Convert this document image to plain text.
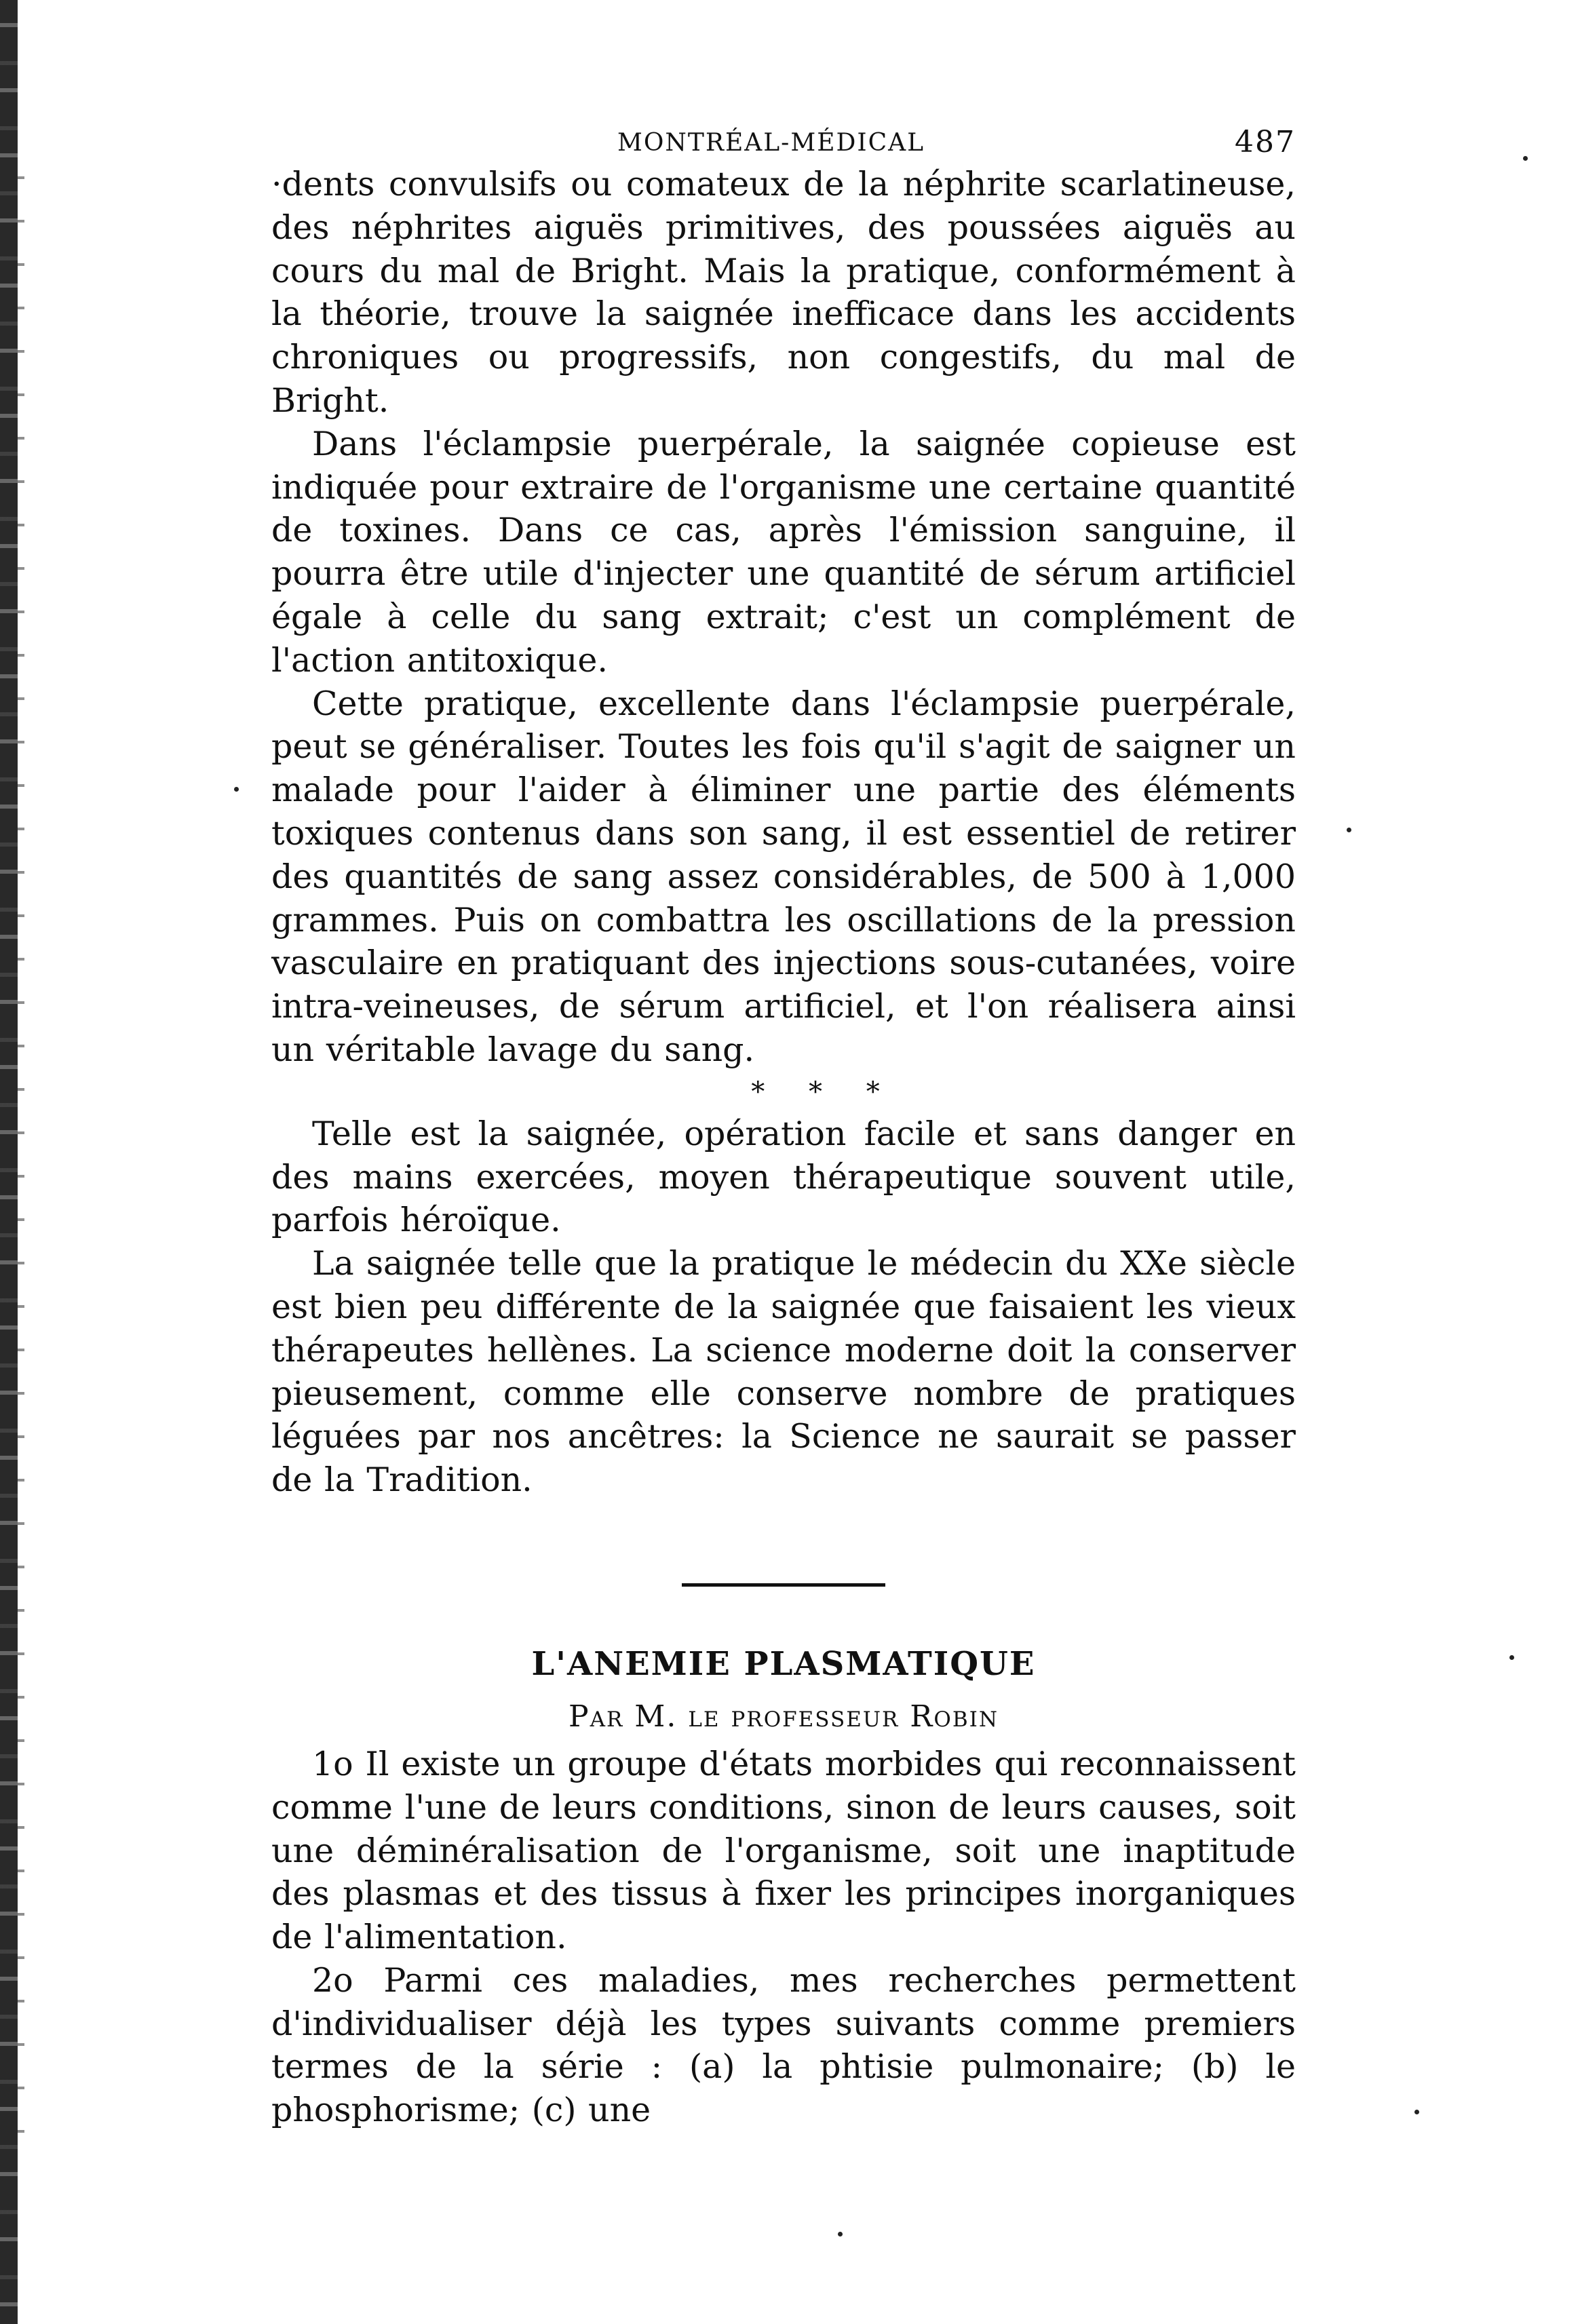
MONTRÉAL-MÉDICAL	487

·dents convulsifs ou comateux de la néphrite scarlatineuse, des néphrites aiguës primitives, des poussées aiguës au cours du mal de Bright. Mais la pratique, conformément à la théorie, trouve la saignée inefficace dans les accidents chroniques ou progressifs, non congestifs, du mal de Bright.

Dans l'éclampsie puerpérale, la saignée copieuse est indiquée pour extraire de l'organisme une certaine quantité de toxines. Dans ce cas, après l'émission sanguine, il pourra être utile d'injecter une quantité de sérum artificiel égale à celle du sang extrait; c'est un complément de l'action antitoxique.

Cette pratique, excellente dans l'éclampsie puerpérale, peut se généraliser. Toutes les fois qu'il s'agit de saigner un malade pour l'aider à éliminer une partie des éléments toxiques contenus dans son sang, il est essentiel de retirer des quantités de sang assez considérables, de 500 à 1,000 grammes. Puis on combattra les oscillations de la pression vasculaire en pratiquant des injections sous-cutanées, voire intra-veineuses, de sérum artificiel, et l'on réalisera ainsi un véritable lavage du sang.

* * *

Telle est la saignée, opération facile et sans danger en des mains exercées, moyen thérapeutique souvent utile, parfois héroïque.

La saignée telle que la pratique le médecin du XXe siècle est bien peu différente de la saignée que faisaient les vieux thérapeutes hellènes. La science moderne doit la conserver pieusement, comme elle conserve nombre de pratiques léguées par nos ancêtres: la Science ne saurait se passer de la Tradition.

L'ANEMIE PLASMATIQUE
Par M. le professeur Robin

1o Il existe un groupe d'états morbides qui reconnaissent comme l'une de leurs conditions, sinon de leurs causes, soit une déminéralisation de l'organisme, soit une inaptitude des plasmas et des tissus à fixer les principes inorganiques de l'alimentation.

2o Parmi ces maladies, mes recherches permettent d'individualiser déjà les types suivants comme premiers termes de la série : (a) la phtisie pulmonaire; (b) le phosphorisme; (c) une
